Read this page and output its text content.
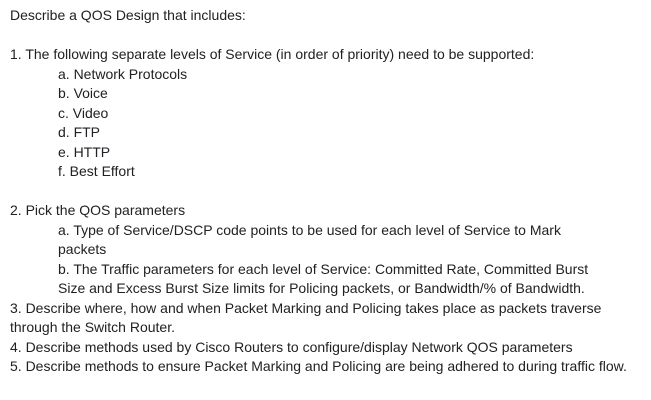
Describe a QOS Design that includes:

1. The following separate levels of Service (in order of priority) need to be supported:

a. Network Protocols

b. Voice

c. Video

d. FTP

e. HTTP

f. Best Effort

2. Pick the QOS parameters

a. Type of Service/DSCP code points to be used for each level of Service to Mark packets

b. The Traffic parameters for each level of Service: Committed Rate, Committed Burst Size and Excess Burst Size limits for Policing packets, or Bandwidth/% of Bandwidth.

3. Describe where, how and when Packet Marking and Policing takes place as packets traverse through the Switch Router.

4. Describe methods used by Cisco Routers to configure/display Network QOS parameters

5. Describe methods to ensure Packet Marking and Policing are being adhered to during traffic flow.
